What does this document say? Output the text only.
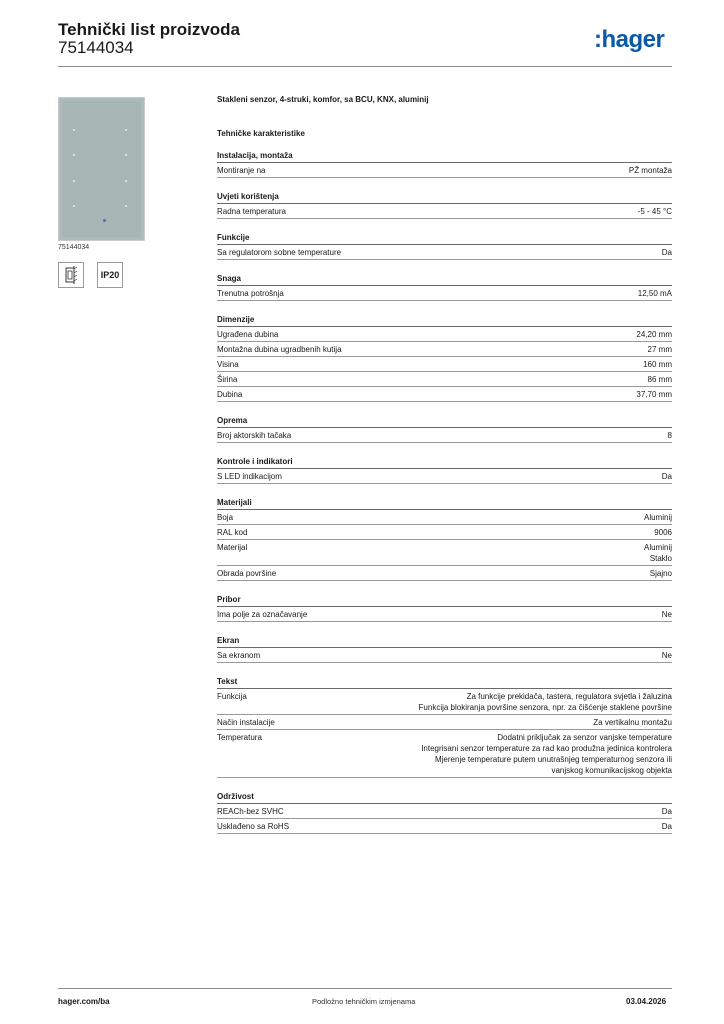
Tehnički list proizvoda
75144034	:hager
75144034
IP20
Stakleni senzor, 4-struki, komfor, sa BCU, KNX, aluminij
Tehničke karakteristike
Instalacija, montaža
Montiranje na	PŽ montaža
Uvjeti korištenja
Radna temperatura	-5 - 45 °C
Funkcije
Sa regulatorom sobne temperature	Da
Snaga
Trenutna potrošnja	12,50 mA
Dimenzije
Ugrađena dubina	24,20 mm
Montažna dubina ugradbenih kutija	27 mm
Visina	160 mm
Širina	86 mm
Dubina	37,70 mm
Oprema
Broj aktorskih tačaka	8
Kontrole i indikatori
S LED indikacijom	Da
Materijali
Boja	Aluminij
RAL kod	9006
Materijal	Aluminij
Staklo
Obrada površine	Sjajno
Pribor
Ima polje za označavanje	Ne
Ekran
Sa ekranom	Ne
Tekst
Funkcija	Za funkcije prekidača, tastera, regulatora svjetla i žaluzina
Funkcija blokiranja površine senzora, npr. za čišćenje staklene površine
Način instalacije	Za vertikalnu montažu
Temperatura	Dodatni priključak za senzor vanjske temperature
Integrisani senzor temperature za rad kao produžna jedinica kontrolera
Mjerenje temperature putem unutrašnjeg temperaturnog senzora ili
vanjskog komunikacijskog objekta
Održivost
REACh-bez SVHC	Da
Usklađeno sa RoHS	Da
hager.com/ba	Podložno tehničkim izmjenama	03.04.2026
